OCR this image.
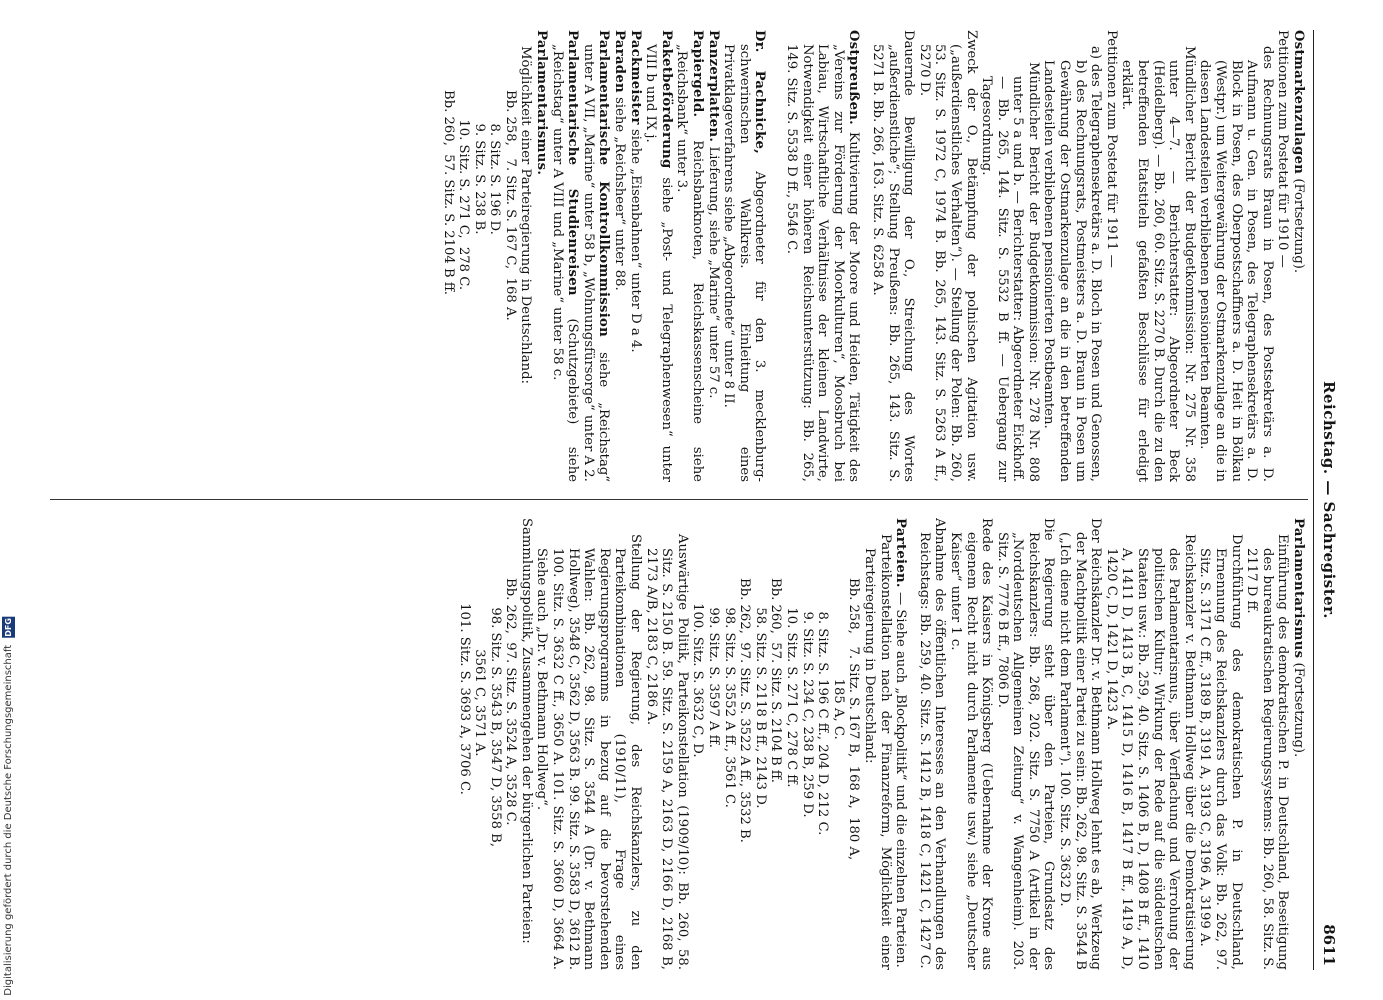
Reichstag. — Sachregister.
8611
Ostmarkenzulagen (Fortsetzung).
Petitionen zum Postetat für 1910 —
des Rechnungsrats Braun in Posen, des Postsekretärs a. D. Aufmann u. Gen. in Posen, des Telegraphensekretärs a. D. Block in Posen, des Oberpostschaffners a. D. Heit in Bölkau (Westpr.) um Weitergewährung der Ostmarkenzulage an die in diesen Landesteilen verbliebenen pensionierten Beamten.
Mündlicher Bericht der Budgetkommission: Nr. 275 Nr. 358 unter 4—7. — Berichterstatter: Abgeordneter Beck (Heidelberg). — Bb. 260, 60. Sitz. S. 2270 B. Durch die zu den betreffenden Etatstiteln gefaßten Beschlüsse für erledigt erklärt.
Petitionen zum Postetat für 1911 —
a) des Telegraphensekretärs a. D. Bloch in Posen und Genossen, b) des Rechnungsrats, Postmeisters a. D. Braun in Posen um Gewährung der Ostmarkenzulage an die in den betreffenden Landesteilen verbliebenen pensionierten Postbeamten.
Mündlicher Bericht der Budgetkommission: Nr. 278 Nr. 808 unter 5 a und b. — Berichterstatter: Abgeordneter Eickhoff. — Bb. 265, 144. Sitz. S. 5532 B ff. — Uebergang zur Tagesordnung.
Zweck der O., Betämpfung der polnischen Agitation usw. („außerdienstliches Verhalten“). — Stellung der Polen: Bb. 260, 53. Sitz. S. 1972 C, 1974 B. Bb. 265, 143. Sitz. S. 5263 A ff., 5270 D.
Dauernde Bewilligung der O., Streichung des Wortes „außerdienstliche“; Stellung Preußens: Bb. 265, 143. Sitz. S. 5271 B. Bb. 266, 163. Sitz. S. 6258 A.
Ostpreußen. Kultivierung der Moore und Heiden, Tätigkeit des „Vereins zur Förderung der Moorkulturen“, Moosbruch bei Labiau, Wirtschaftliche Verhältnisse der kleinen Landwirte, Notwendigkeit einer höheren Reichsunterstützung: Bb. 265, 149. Sitz. S. 5538 D ff., 5546 C.
Dr. Pachnicke, Abgeordneter für den 3. mecklenburg-schwerinschen Wahlkreis. Einleitung eines Privatklageverfahrens siehe „Abgeordnete“ unter 8 II.
Panzerplatten. Lieferung, siehe „Marine“ unter 57 c.
Papiergeld. Reichsbanknoten, Reichskassenscheine siehe „Reichsbank“ unter 3.
Paketbeförderung siehe „Post- und Telegraphenwesen“ unter VIII b und IX j.
Packmeister siehe „Eisenbahnen“ unter D a 4.
Paraden siehe „Reichsheer“ unter 88.
Parlamentarische Kontrollkommission siehe „Reichstag“ unter A VII, „Marine“ unter 58 b, „Wohnungsfürsorge“ unter A 2.
Parlamentarische Studienreisen (Schutzgebiete) siehe „Reichstag“ unter A VIII und „Marine“ unter 58 c.
Parlamentarismus.
Möglichkeit einer Parteiregierung in Deutschland:
Bb. 258,   7. Sitz. S. 167 C,  168 A.
8. Sitz. S. 196 D.
9. Sitz. S. 238 B.
10. Sitz. S. 271 C,  278 C.
Bb. 260,  57. Sitz. S. 2104 B ff.
Parlamentarismus (Fortsetzung).
Einführung des demokratischen P. in Deutschland, Beseitigung des bureaukratischen Regierungssystems: Bb. 260, 58. Sitz. S. 2117 D ff.
Durchführung des demokratischen P. in Deutschland, Ernennung des Reichskanzlers durch das Volk: Bb. 262, 97. Sitz. S. 3171 C ff., 3189 B, 3191 A, 3193 C, 3196 A, 3199 A.
Reichskanzler v. Bethmann Hollweg über die Demokratisierung des Parlamentarismus, über Verflachung und Verrohung der politischen Kultur; Wirkung der Rede auf die süddeutschen Staaten usw.: Bb. 259, 40. Sitz. S. 1406 B, D, 1408 B ff., 1410 A, 1411 D, 1413 B, C, 1415 D, 1416 B, 1417 B ff., 1419 A, D, 1420 C, D, 1421 D, 1423 A.
Der Reichskanzler Dr. v. Bethmann Hollweg lehnt es ab, Werkzeug der Machtpolitik einer Partei zu sein: Bb. 262, 98. Sitz. S. 3544 B („Ich diene nicht dem Parlament“). 100. Sitz. S. 3632 D.
Die Regierung steht über den Parteien, Grundsatz des Reichskanzlers: Bb. 268, 202. Sitz. S. 7750 A (Artikel in der „Norddeutschen Allgemeinen Zeitung“ v. Wangenheim). 203. Sitz. S. 7776 B ff., 7806 D.
Rede des Kaisers in Königsberg (Uebernahme der Krone aus eigenem Recht nicht durch Parlamente usw.) siehe „Deutscher Kaiser“ unter 1 c.
Abnahme des öffentlichen Interesses an den Verhandlungen des Reichstags: Bb. 259, 40. Sitz. S. 1412 B, 1418 C, 1421 C, 1427 C.
Parteien. — Siehe auch „Blockpolitik“ und die einzelnen Parteien.
Parteikonstellation nach der Finanzreform, Möglichkeit einer Parteiregierung in Deutschland:
Bb. 258,   7. Sitz. S. 167 B,  168 A,  180 A,
185 A, C.
8. Sitz. S. 196 C ff., 204 D, 212 C.
9. Sitz. S. 234 C, 238 B, 259 D.
10. Sitz. S. 271 C, 278 C ff.
Bb. 260,  57. Sitz. S. 2104 B ff.
58. Sitz. S. 2118 B ff., 2143 D.
Bb. 262,  97. Sitz. S. 3522 A ff., 3532 B.
98. Sitz. S. 3552 A ff., 3561 C.
99. Sitz. S. 3597 A ff.
100. Sitz. S. 3632 C, D.
Auswärtige Politik, Parteikonstellation (1909/10): Bb. 260, 58. Sitz. S. 2150 B. 59. Sitz. S. 2159 A, 2163 D, 2166 D, 2168 B, 2173 A/B, 2183 C, 2186 A.
Stellung der Regierung, des Reichskanzlers, zu den Parteikombinationen (1910/11), Frage eines Regierungsprogramms in bezug auf die bevorstehenden Wahlen: Bb. 262, 98. Sitz. S. 3544 A (Dr. v. Bethmann Hollweg), 3548 C, 3562 D, 3563 B. 99. Sitz. S. 3583 D, 3612 B. 100. Sitz. S. 3632 C ff., 3650 A. 101. Sitz. S. 3660 D, 3664 A. Siehe auch „Dr. v. Bethmann Hollweg“.
Sammlungspolitik, Zusammengehen der bürgerlichen Parteien:
Bb. 262,  97. Sitz. S. 3524 A, 3528 C.
98. Sitz. S. 3543 B, 3547 D, 3558 B,
3561 C, 3571 A.
101. Sitz. S. 3693 A, 3706 C.
Digitalisierung gefördert durch die Deutsche Forschungsgemeinschaft DFG
